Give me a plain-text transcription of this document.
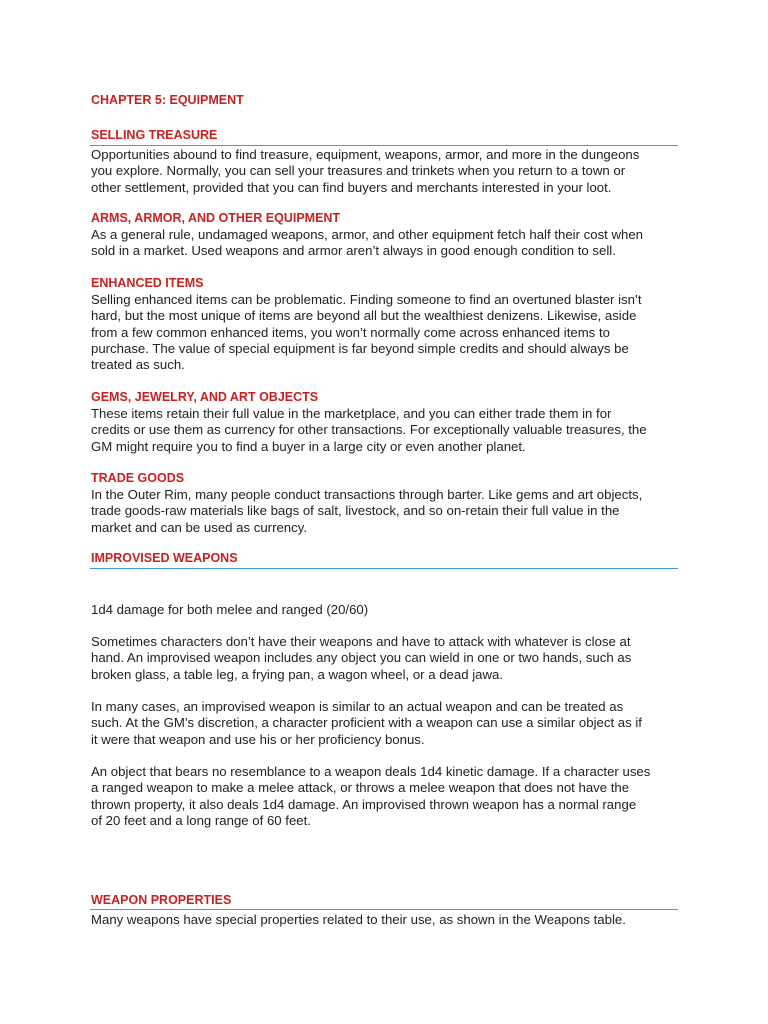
CHAPTER 5: EQUIPMENT
SELLING TREASURE
Opportunities abound to find treasure, equipment, weapons, armor, and more in the dungeons
you explore. Normally, you can sell your treasures and trinkets when you return to a town or
other settlement, provided that you can find buyers and merchants interested in your loot.
ARMS, ARMOR, AND OTHER EQUIPMENT
As a general rule, undamaged weapons, armor, and other equipment fetch half their cost when
sold in a market. Used weapons and armor aren’t always in good enough condition to sell.
ENHANCED ITEMS
Selling enhanced items can be problematic. Finding someone to find an overtuned blaster isn’t
hard, but the most unique of items are beyond all but the wealthiest denizens. Likewise, aside
from a few common enhanced items, you won’t normally come across enhanced items to
purchase. The value of special equipment is far beyond simple credits and should always be
treated as such.
GEMS, JEWELRY, AND ART OBJECTS
These items retain their full value in the marketplace, and you can either trade them in for
credits or use them as currency for other transactions. For exceptionally valuable treasures, the
GM might require you to find a buyer in a large city or even another planet.
TRADE GOODS
In the Outer Rim, many people conduct transactions through barter. Like gems and art objects,
trade goods-raw materials like bags of salt, livestock, and so on-retain their full value in the
market and can be used as currency.
IMPROVISED WEAPONS
1d4 damage for both melee and ranged (20/60)
Sometimes characters don’t have their weapons and have to attack with whatever is close at
hand. An improvised weapon includes any object you can wield in one or two hands, such as
broken glass, a table leg, a frying pan, a wagon wheel, or a dead jawa.
In many cases, an improvised weapon is similar to an actual weapon and can be treated as
such. At the GM’s discretion, a character proficient with a weapon can use a similar object as if
it were that weapon and use his or her proficiency bonus.
An object that bears no resemblance to a weapon deals 1d4 kinetic damage. If a character uses
a ranged weapon to make a melee attack, or throws a melee weapon that does not have the
thrown property, it also deals 1d4 damage. An improvised thrown weapon has a normal range
of 20 feet and a long range of 60 feet.
WEAPON PROPERTIES
Many weapons have special properties related to their use, as shown in the Weapons table.
